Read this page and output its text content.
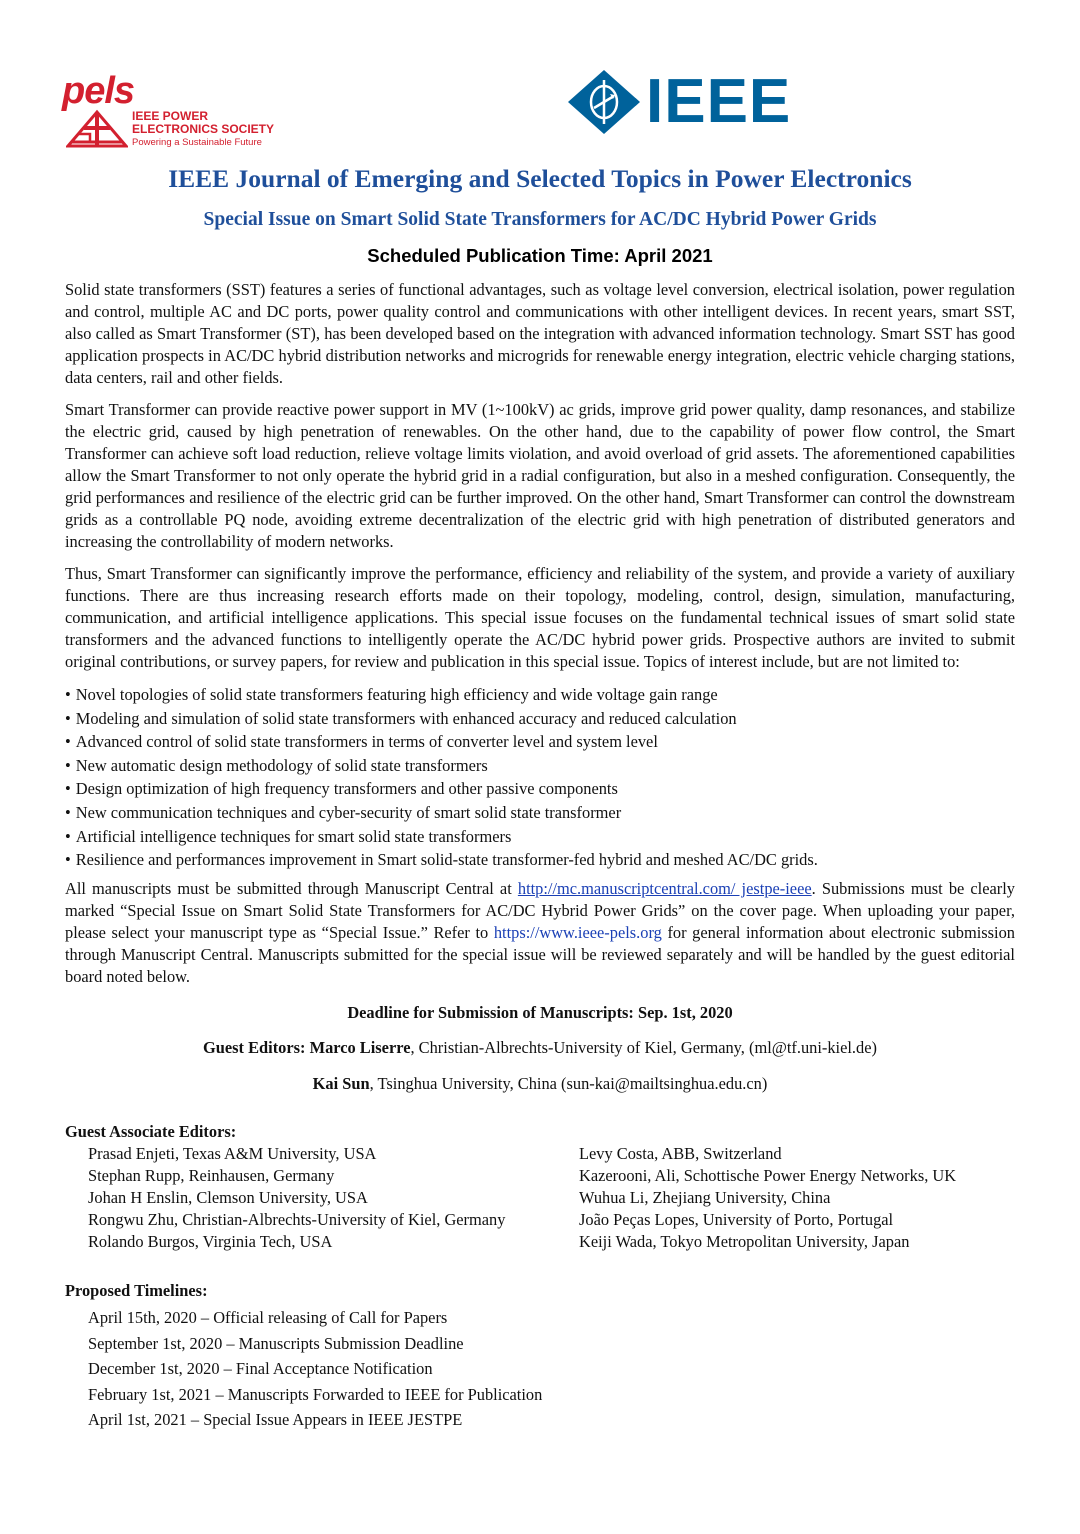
pels
IEEE POWER
ELECTRONICS SOCIETY
Powering a Sustainable Future
IEEE
IEEE Journal of Emerging and Selected Topics in Power Electronics
Special Issue on Smart Solid State Transformers for AC/DC Hybrid Power Grids
Scheduled Publication Time: April 2021

Solid state transformers (SST) features a series of functional advantages, such as voltage level conversion, electrical isolation, power regulation and control, multiple AC and DC ports, power quality control and communications with other intelligent devices. In recent years, smart SST, also called as Smart Transformer (ST), has been developed based on the integration with advanced information technology. Smart SST has good application prospects in AC/DC hybrid distribution networks and microgrids for renewable energy integration, electric vehicle charging stations, data centers, rail and other fields.

Smart Transformer can provide reactive power support in MV (1~100kV) ac grids, improve grid power quality, damp resonances, and stabilize the electric grid, caused by high penetration of renewables. On the other hand, due to the capability of power flow control, the Smart Transformer can achieve soft load reduction, relieve voltage limits violation, and avoid overload of grid assets. The aforementioned capabilities allow the Smart Transformer to not only operate the hybrid grid in a radial configuration, but also in a meshed configuration. Consequently, the grid performances and resilience of the electric grid can be further improved. On the other hand, Smart Transformer can control the downstream grids as a controllable PQ node, avoiding extreme decentralization of the electric grid with high penetration of distributed generators and increasing the controllability of modern networks.

Thus, Smart Transformer can significantly improve the performance, efficiency and reliability of the system, and provide a variety of auxiliary functions. There are thus increasing research efforts made on their topology, modeling, control, design, simulation, manufacturing, communication, and artificial intelligence applications. This special issue focuses on the fundamental technical issues of smart solid state transformers and the advanced functions to intelligently operate the AC/DC hybrid power grids. Prospective authors are invited to submit original contributions, or survey papers, for review and publication in this special issue. Topics of interest include, but are not limited to:

• Novel topologies of solid state transformers featuring high efficiency and wide voltage gain range
• Modeling and simulation of solid state transformers with enhanced accuracy and reduced calculation
• Advanced control of solid state transformers in terms of converter level and system level
• New automatic design methodology of solid state transformers
• Design optimization of high frequency transformers and other passive components
• New communication techniques and cyber-security of smart solid state transformer
• Artificial intelligence techniques for smart solid state transformers
• Resilience and performances improvement in Smart solid-state transformer-fed hybrid and meshed AC/DC grids.

All manuscripts must be submitted through Manuscript Central at http://mc.manuscriptcentral.com/ jestpe-ieee. Submissions must be clearly marked “Special Issue on Smart Solid State Transformers for AC/DC Hybrid Power Grids” on the cover page. When uploading your paper, please select your manuscript type as “Special Issue.” Refer to https://www.ieee-pels.org for general information about electronic submission through Manuscript Central. Manuscripts submitted for the special issue will be reviewed separately and will be handled by the guest editorial board noted below.

Deadline for Submission of Manuscripts: Sep. 1st, 2020

Guest Editors: Marco Liserre, Christian-Albrechts-University of Kiel, Germany, (ml@tf.uni-kiel.de)

Kai Sun, Tsinghua University, China (sun-kai@mailtsinghua.edu.cn)

Guest Associate Editors:
Prasad Enjeti, Texas A&M University, USA
Stephan Rupp, Reinhausen, Germany
Johan H Enslin, Clemson University, USA
Rongwu Zhu, Christian-Albrechts-University of Kiel, Germany
Rolando Burgos, Virginia Tech, USA
Levy Costa, ABB, Switzerland
Kazerooni, Ali, Schottische Power Energy Networks, UK
Wuhua Li, Zhejiang University, China
João Peças Lopes, University of Porto, Portugal
Keiji Wada, Tokyo Metropolitan University, Japan
Proposed Timelines:
April 15th, 2020 – Official releasing of Call for Papers
September 1st, 2020 – Manuscripts Submission Deadline
December 1st, 2020 – Final Acceptance Notification
February 1st, 2021 – Manuscripts Forwarded to IEEE for Publication
April 1st, 2021 – Special Issue Appears in IEEE JESTPE
